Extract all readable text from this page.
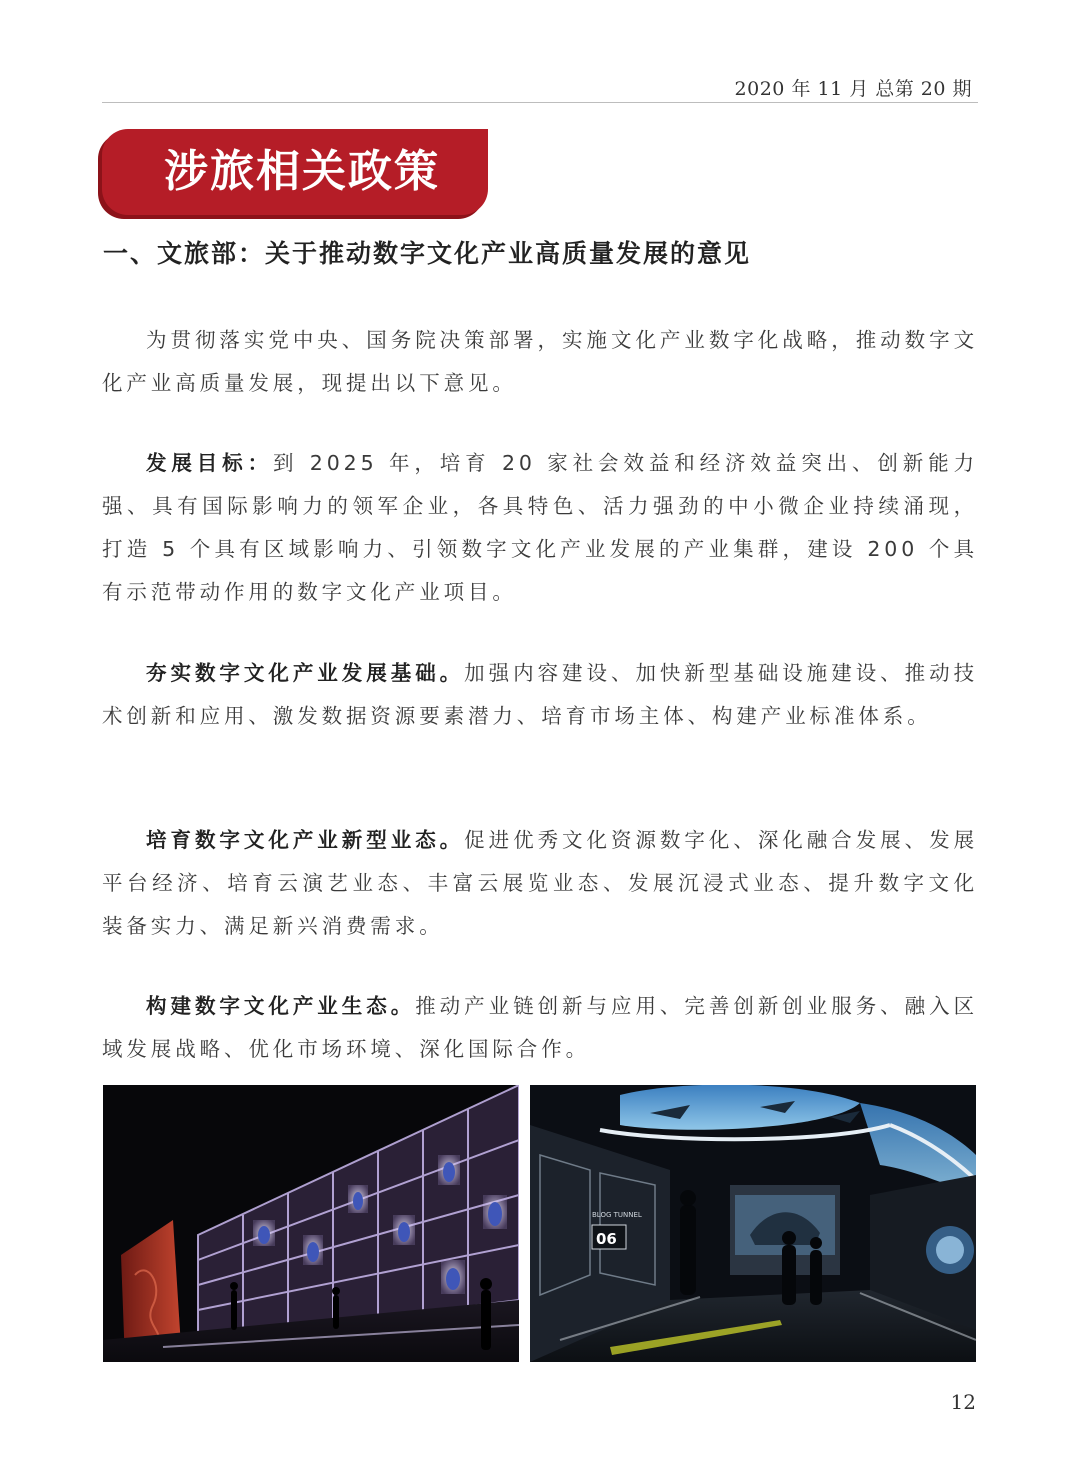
2020 年 11 月 总第 20 期
涉旅相关政策
一、文旅部：关于推动数字文化产业高质量发展的意见

为贯彻落实党中央、国务院决策部署，实施文化产业数字化战略，推动数字文化产业高质量发展，现提出以下意见。

发展目标：到 2025 年，培育 20 家社会效益和经济效益突出、创新能力强、具有国际影响力的领军企业，各具特色、活力强劲的中小微企业持续涌现，打造 5 个具有区域影响力、引领数字文化产业发展的产业集群，建设 200 个具有示范带动作用的数字文化产业项目。

夯实数字文化产业发展基础。加强内容建设、加快新型基础设施建设、推动技术创新和应用、激发数据资源要素潜力、培育市场主体、构建产业标准体系。

培育数字文化产业新型业态。促进优秀文化资源数字化、深化融合发展、发展平台经济、培育云演艺业态、丰富云展览业态、发展沉浸式业态、提升数字文化装备实力、满足新兴消费需求。

构建数字文化产业生态。推动产业链创新与应用、完善创新创业服务、融入区域发展战略、优化市场环境、深化国际合作。

06
BLOG TUNNEL
12
